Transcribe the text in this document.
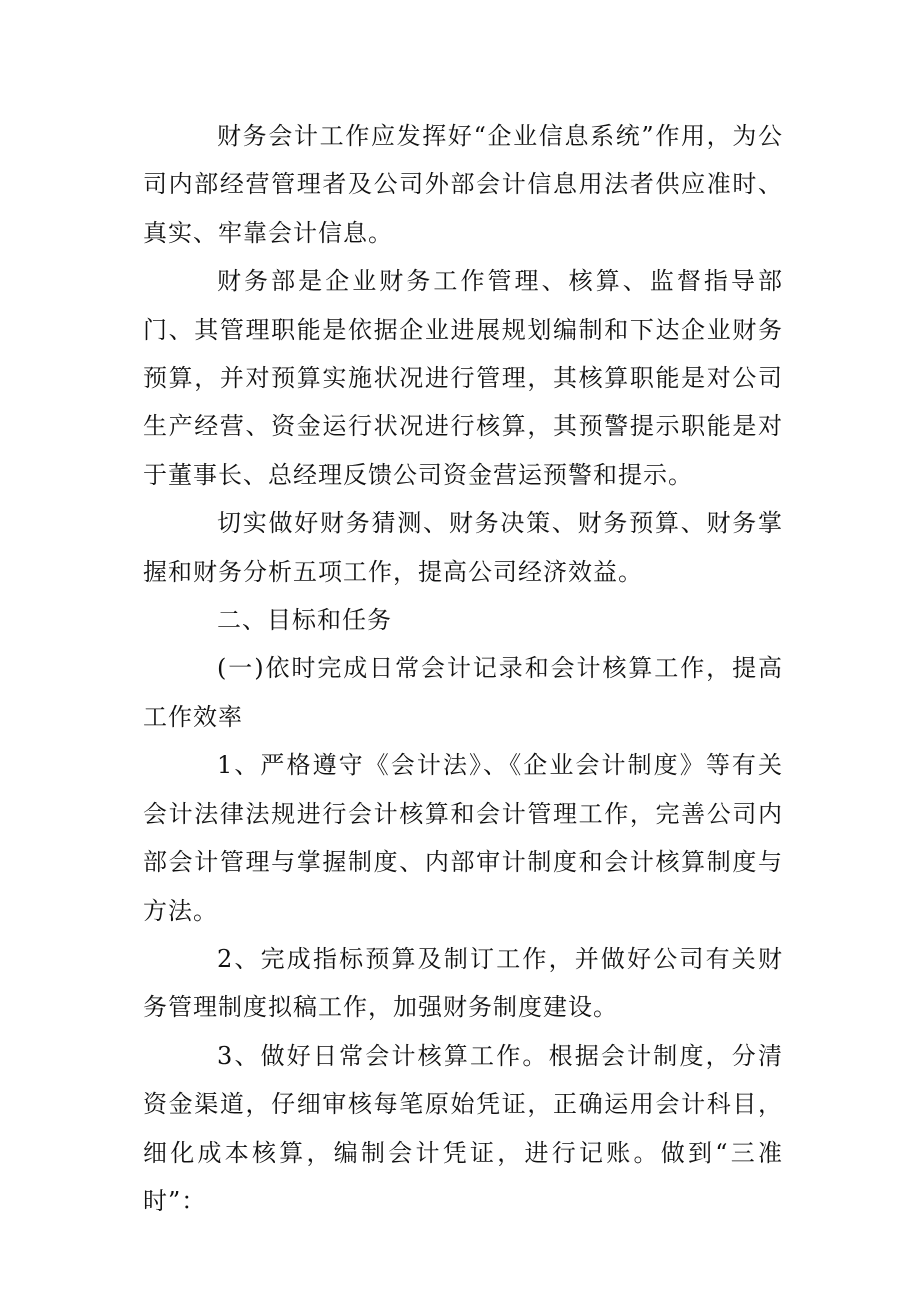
财务会计工作应发挥好“企业信息系统”作用，为公司内部经营管理者及公司外部会计信息用法者供应准时、真实、牢靠会计信息。

财务部是企业财务工作管理、核算、监督指导部门、其管理职能是依据企业进展规划编制和下达企业财务预算，并对预算实施状况进行管理，其核算职能是对公司生产经营、资金运行状况进行核算，其预警提示职能是对于董事长、总经理反馈公司资金营运预警和提示。

切实做好财务猜测、财务决策、财务预算、财务掌握和财务分析五项工作，提高公司经济效益。

二、目标和任务

(一)依时完成日常会计记录和会计核算工作，提高工作效率

1、严格遵守《会计法》、《企业会计制度》等有关会计法律法规进行会计核算和会计管理工作，完善公司内部会计管理与掌握制度、内部审计制度和会计核算制度与方法。

2、完成指标预算及制订工作，并做好公司有关财务管理制度拟稿工作，加强财务制度建设。

3、做好日常会计核算工作。根据会计制度，分清资金渠道，仔细审核每笔原始凭证，正确运用会计科目，细化成本核算，编制会计凭证，进行记账。做到“三准时”：
